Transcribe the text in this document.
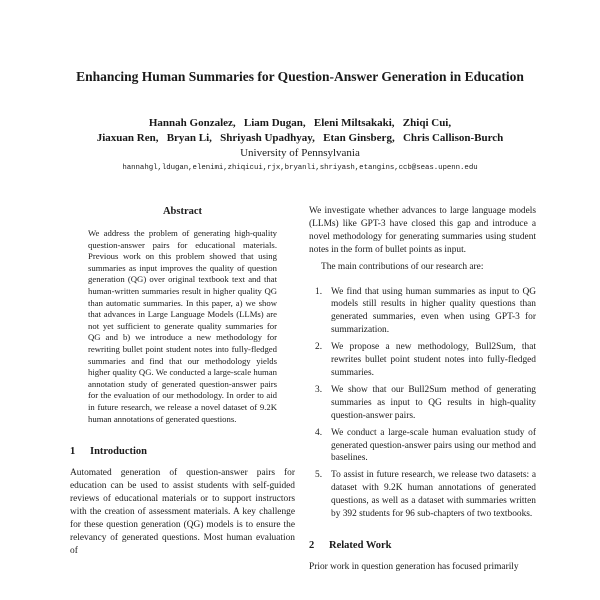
Enhancing Human Summaries for Question-Answer Generation in Education
Hannah Gonzalez,   Liam Dugan,   Eleni Miltsakaki,   Zhiqi Cui,
Jiaxuan Ren,   Bryan Li,   Shriyash Upadhyay,   Etan Ginsberg,   Chris Callison-Burch
University of Pennsylvania
hannahgl,ldugan,elenimi,zhiqicui,rjx,bryanli,shriyash,etangins,ccb@seas.upenn.edu
Abstract
We address the problem of generating high-quality question-answer pairs for educational materials. Previous work on this problem showed that using summaries as input improves the quality of question generation (QG) over original textbook text and that human-written summaries result in higher quality QG than automatic summaries. In this paper, a) we show that advances in Large Language Models (LLMs) are not yet sufficient to generate quality summaries for QG and b) we introduce a new methodology for rewriting bullet point student notes into fully-fledged summaries and find that our methodology yields higher quality QG. We conducted a large-scale human annotation study of generated question-answer pairs for the evaluation of our methodology. In order to aid in future research, we release a novel dataset of 9.2K human annotations of generated questions.
1	Introduction

Automated generation of question-answer pairs for education can be used to assist students with self-guided reviews of educational materials or to support instructors with the creation of assessment materials. A key challenge for these question generation (QG) models is to ensure the relevancy of generated questions. Most human evaluation of

We investigate whether advances to large language models (LLMs) like GPT-3 have closed this gap and introduce a novel methodology for generating summaries using student notes in the form of bullet points as input.

The main contributions of our research are:

1. We find that using human summaries as input to QG models still results in higher quality questions than generated summaries, even when using GPT-3 for summarization.
2. We propose a new methodology, Bull2Sum, that rewrites bullet point student notes into fully-fledged summaries.
3. We show that our Bull2Sum method of generating summaries as input to QG results in high-quality question-answer pairs.
4. We conduct a large-scale human evaluation study of generated question-answer pairs using our method and baselines.
5. To assist in future research, we release two datasets: a dataset with 9.2K human annotations of generated questions, as well as a dataset with summaries written by 392 students for 96 sub-chapters of two textbooks.
2	Related Work

Prior work in question generation has focused primarily
